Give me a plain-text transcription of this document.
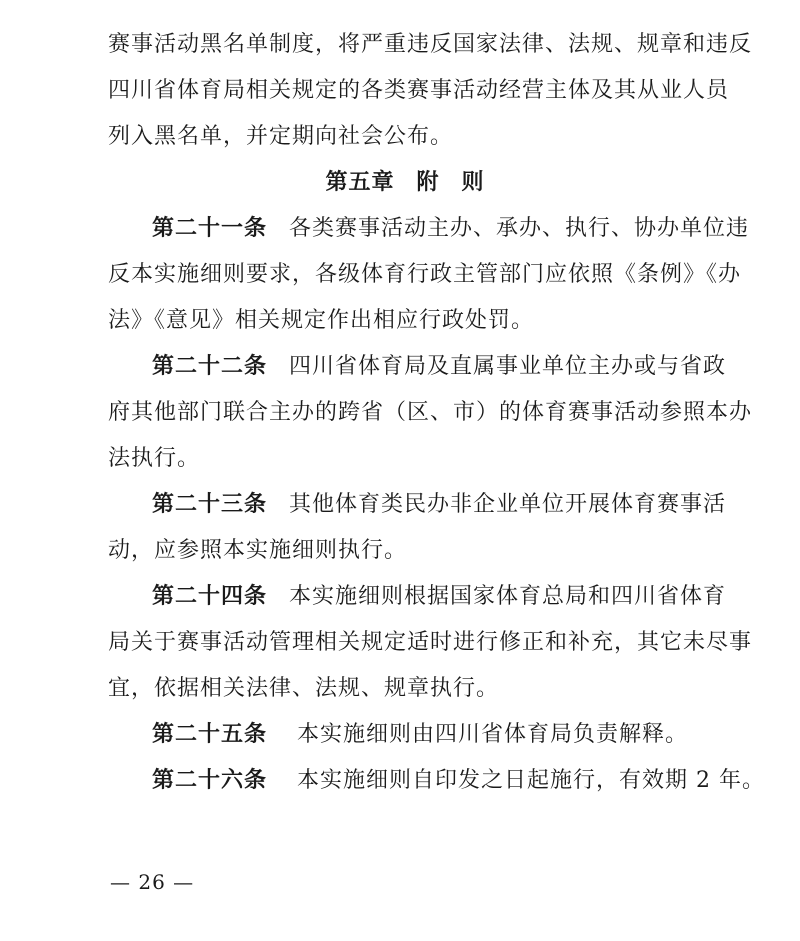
赛事活动黑名单制度，将严重违反国家法律、法规、规章和违反
四川省体育局相关规定的各类赛事活动经营主体及其从业人员
列入黑名单，并定期向社会公布。
第五章 附 则
第二十一条 各类赛事活动主办、承办、执行、协办单位违
反本实施细则要求，各级体育行政主管部门应依照《条例》《办
法》《意见》相关规定作出相应行政处罚。
第二十二条 四川省体育局及直属事业单位主办或与省政
府其他部门联合主办的跨省（区、市）的体育赛事活动参照本办
法执行。
第二十三条 其他体育类民办非企业单位开展体育赛事活
动，应参照本实施细则执行。
第二十四条 本实施细则根据国家体育总局和四川省体育
局关于赛事活动管理相关规定适时进行修正和补充，其它未尽事
宜，依据相关法律、法规、规章执行。
第二十五条 本实施细则由四川省体育局负责解释。
第二十六条 本实施细则自印发之日起施行，有效期 2 年。
— 26 —
